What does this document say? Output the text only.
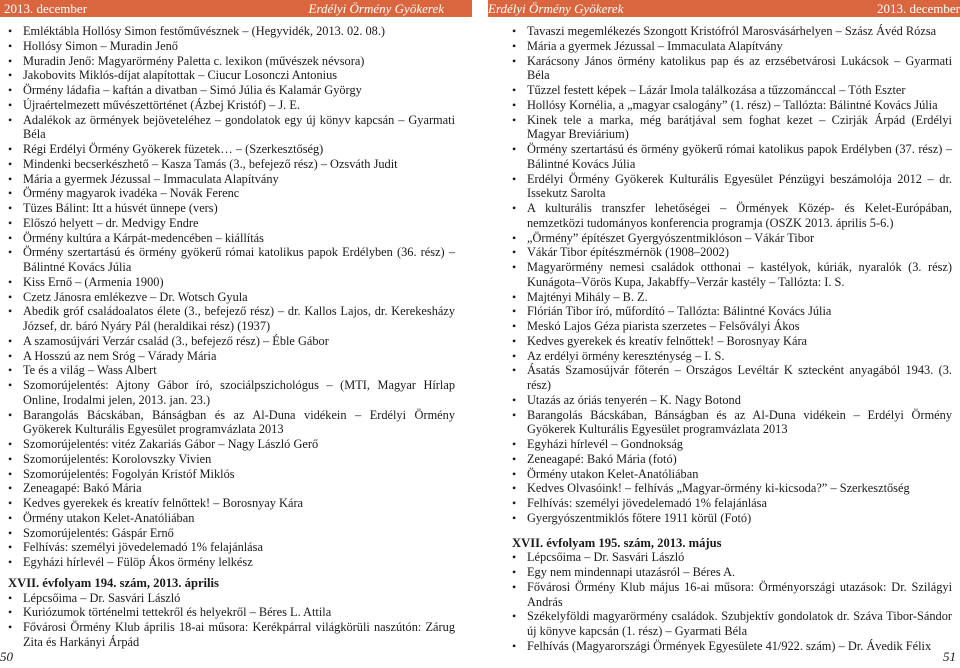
2013. december	Erdélyi Örmény Gyökerek	Erdélyi Örmény Gyökerek	2013. december
• Emléktábla Hollósy Simon festőművésznek – (Hegyvidék, 2013. 02. 08.)
• Hollósy Simon – Muradin Jenő
• Muradin Jenő: Magyarörmény Paletta c. lexikon (művészek névsora)
• Jakobovits Miklós-díjat alapítottak – Ciucur Losonczi Antonius
• Örmény ládafia – kaftán a divatban – Simó Júlia és Kalamár György
• Újraértelmezett művészettörténet (Ázbej Kristóf) – J. E.
• Adalékok az örmények bejöveteléhez – gondolatok egy új könyv kapcsán – Gyarmati Béla
• Régi Erdélyi Örmény Gyökerek füzetek… – (Szerkesztőség)
• Mindenki becserkészhető – Kasza Tamás (3., befejező rész) – Ozsváth Judit
• Mária a gyermek Jézussal – Immaculata Alapítvány
• Örmény magyarok ivadéka – Novák Ferenc
• Tüzes Bálint: Itt a húsvét ünnepe (vers)
• Előszó helyett – dr. Medvigy Endre
• Örmény kultúra a Kárpát-medencében – kiállítás
• Örmény szertartású és örmény gyökerű római katolikus papok Erdélyben (36. rész) – Bálintné Kovács Júlia
• Kiss Ernő – (Armenia 1900)
• Czetz Jánosra emlékezve – Dr. Wotsch Gyula
• Abedik gróf családoalatos élete (3., befejező rész) – dr. Kallos Lajos, dr. Kerekesházy József, dr. báró Nyáry Pál (heraldikai rész) (1937)
• A szamosújvári Verzár család (3., befejező rész) – Éble Gábor
• A Hosszú az nem Sróg – Várady Mária
• Te és a világ – Wass Albert
• Szomorújelentés: Ajtony Gábor író, szociálpszichológus – (MTI, Magyar Hírlap Online, Irodalmi jelen, 2013. jan. 23.)
• Barangolás Bácskában, Bánságban és az Al-Duna vidékein – Erdélyi Örmény Gyökerek Kulturális Egyesület programvázlata 2013
• Szomorújelentés: vitéz Zakariás Gábor – Nagy László Gerő
• Szomorújelentés: Korolovszky Vivien
• Szomorújelentés: Fogolyán Kristóf Miklós
• Zeneagapé: Bakó Mária
• Kedves gyerekek és kreatív felnőttek! – Borosnyay Kára
• Örmény utakon Kelet-Anatóliában
• Szomorújelentés: Gáspár Ernő
• Felhívás: személyi jövedelemadó 1% felajánlása
• Egyházi hírlevél – Fülöp Ákos örmény lelkész
XVII. évfolyam 194. szám, 2013. április
• Lépcsőima – Dr. Sasvári László
• Kuriózumok történelmi tettekről és helyekről – Béres L. Attila
• Fővárosi Örmény Klub április 18-ai műsora: Kerékpárral világkörüli naszútón: Zárug Zita és Harkányi Árpád
• Tavaszi megemlékezés Szongott Kristófról Marosvásárhelyen – Szász Ávéd Rózsa
• Mária a gyermek Jézussal – Immaculata Alapítvány
• Karácsony János örmény katolikus pap és az erzsébetvárosi Lukácsok – Gyarmati Béla
• Tűzzel festett képek – Lázár Imola találkozása a tűzzománccal – Tóth Eszter
• Hollósy Kornélia, a „magyar csalogány” (1. rész) – Tallózta: Bálintné Kovács Júlia
• Kinek tele a marka, még barátjával sem foghat kezet – Czirják Árpád (Erdélyi Magyar Breviárium)
• Örmény szertartású és örmény gyökerű római katolikus papok Erdélyben (37. rész) – Bálintné Kovács Júlia
• Erdélyi Örmény Gyökerek Kulturális Egyesület Pénzügyi beszámolója 2012 – dr. Issekutz Sarolta
• A kulturális transzfer lehetőségei – Örmények Közép- és Kelet-Európában, nemzetközi tudományos konferencia programja (OSZK 2013. április 5-6.)
• „Örmény” építészet Gyergyószentmiklóson – Vákár Tibor
• Vákár Tibor építészmérnök (1908–2002)
• Magyarörmény nemesi családok otthonai – kastélyok, kúriák, nyaralók (3. rész) Kunágota–Vörös Kupa, Jakabffy–Verzár kastély – Tallózta: I. S.
• Majtényi Mihály – B. Z.
• Flórián Tibor író, műfordító – Tallózta: Bálintné Kovács Júlia
• Meskó Lajos Géza piarista szerzetes – Felsővályi Ákos
• Kedves gyerekek és kreatív felnőttek! – Borosnyay Kára
• Az erdélyi örmény kereszténység – I. S.
• Ásatás Szamosújvár főterén – Országos Levéltár K sztecként anyagából 1943. (3. rész)
• Utazás az óriás tenyerén – K. Nagy Botond
• Barangolás Bácskában, Bánságban és az Al-Duna vidékein – Erdélyi Örmény Gyökerek Kulturális Egyesület programvázlata 2013
• Egyházi hírlevél – Gondnokság
• Zeneagapé: Bakó Mária (fotó)
• Örmény utakon Kelet-Anatóliában
• Kedves Olvasóink! – felhívás „Magyar-örmény ki-kicsoda?” – Szerkesztőség
• Felhívás: személyi jövedelemadó 1% felajánlása
• Gyergyószentmiklós főtere 1911 körül (Fotó)
XVII. évfolyam 195. szám, 2013. május
• Lépcsőima – Dr. Sasvári László
• Egy nem mindennapi utazásról – Béres A.
• Fővárosi Örmény Klub május 16-ai műsora: Örményországi utazások: Dr. Szilágyi András
• Székelyföldi magyarörmény családok. Szubjektív gondolatok dr. Száva Tibor-Sándor új könyve kapcsán (1. rész) – Gyarmati Béla
• Felhívás (Magyarországi Örmények Egyesülete 41/922. szám) – Dr. Ávedik Félix
50	51
